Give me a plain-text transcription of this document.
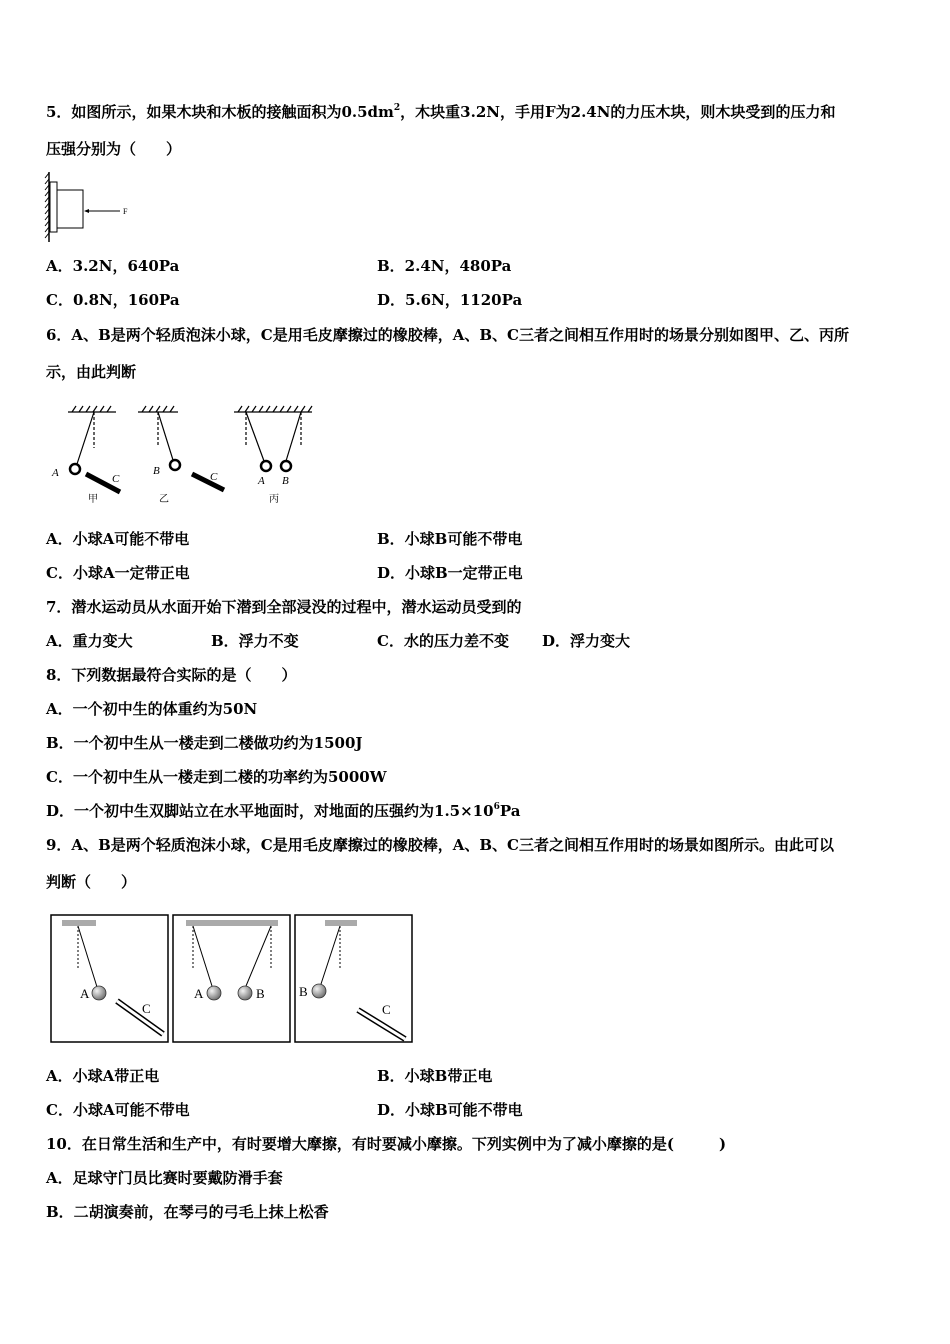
5．如图所示，如果木块和木板的接触面积为$0.5dm^2$，木块重3.2N，手用F为2.4N的力压木块，则木块受到的压力和
压强分别为（　　）
F
A．3.2N，640Pa	B．2.4N，480Pa
C．0.8N，160Pa	D．5.6N，1120Pa
6．A、B是两个轻质泡沫小球，C是用毛皮摩擦过的橡胶棒，A、B、C三者之间相互作用时的场景分别如图甲、乙、丙所
示，由此判断
A	C
B	C	A B
甲	乙	丙
A．小球A可能不带电	B．小球B可能不带电
C．小球A一定带正电	D．小球B一定带正电
7．潜水运动员从水面开始下潜到全部浸没的过程中，潜水运动员受到的
A．重力变大	B．浮力不变	C．水的压力差不变 D．浮力变大
8．下列数据最符合实际的是（　　）
A．一个初中生的体重约为50N
B．一个初中生从一楼走到二楼做功约为1500J
C．一个初中生从一楼走到二楼的功率约为5000W
D．一个初中生双脚站立在水平地面时，对地面的压强约为$1.5\times 10^6Pa$
9．A、B是两个轻质泡沫小球，C是用毛皮摩擦过的橡胶棒，A、B、C三者之间相互作用时的场景如图所示。由此可以
判断（　　）
A
C
A	B	B
C
A．小球A带正电	B．小球B带正电
C．小球A可能不带电	D．小球B可能不带电
10．在日常生活和生产中，有时要增大摩擦，有时要减小摩擦。下列实例中为了减小摩擦的是(　　　)
A．足球守门员比赛时要戴防滑手套
B．二胡演奏前，在琴弓的弓毛上抹上松香
